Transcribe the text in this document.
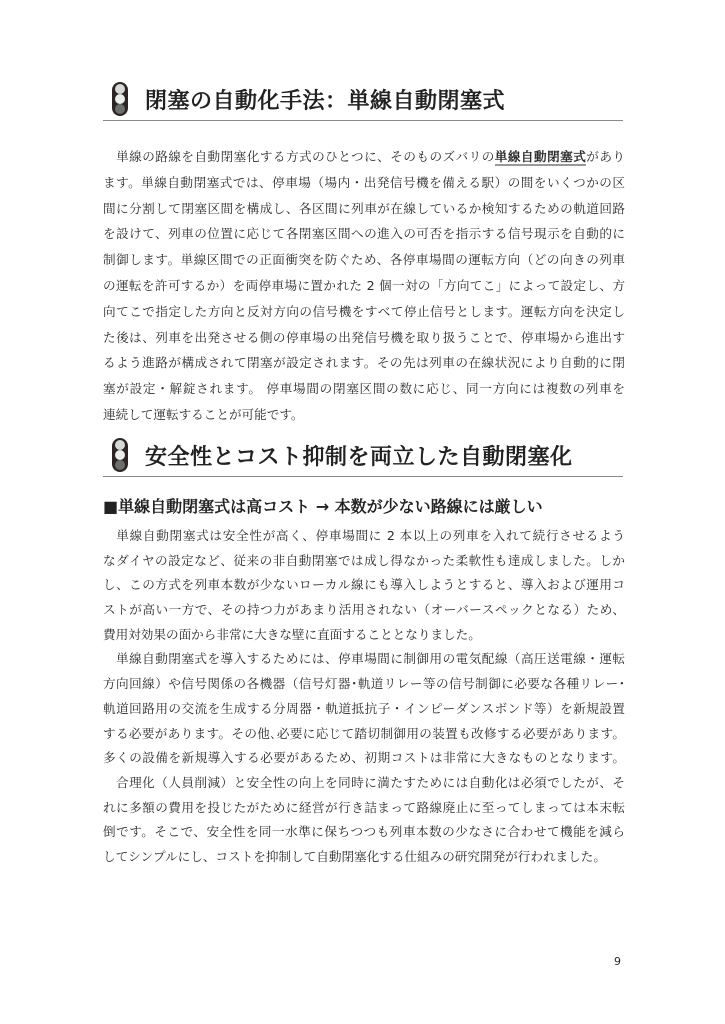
閉塞の自動化手法：単線自動閉塞式
　単線の路線を自動閉塞化する方式のひとつに、そのものズバリの単線自動閉塞式があり
ます。単線自動閉塞式では、停車場（場内・出発信号機を備える駅）の間をいくつかの区
間に分割して閉塞区間を構成し、各区間に列車が在線しているか検知するための軌道回路
を設けて、列車の位置に応じて各閉塞区間への進入の可否を指示する信号現示を自動的に
制御します。単線区間での正面衝突を防ぐため、各停車場間の運転方向（どの向きの列車
の運転を許可するか）を両停車場に置かれた 2 個一対の「方向てこ」によって設定し、方
向てこで指定した方向と反対方向の信号機をすべて停止信号とします。運転方向を決定し
た後は、列車を出発させる側の停車場の出発信号機を取り扱うことで、停車場から進出す
るよう進路が構成されて閉塞が設定されます。その先は列車の在線状況により自動的に閉
塞が設定・解錠されます。 停車場間の閉塞区間の数に応じ、同一方向には複数の列車を
連続して運転することが可能です。
安全性とコスト抑制を両立した自動閉塞化
■単線自動閉塞式は高コスト → 本数が少ない路線には厳しい
　単線自動閉塞式は安全性が高く、停車場間に 2 本以上の列車を入れて続行させるよう
なダイヤの設定など、従来の非自動閉塞では成し得なかった柔軟性も達成しました。しか
し、この方式を列車本数が少ないローカル線にも導入しようとすると、導入および運用コ
ストが高い一方で、その持つ力があまり活用されない（オーバースペックとなる）ため、
費用対効果の面から非常に大きな壁に直面することとなりました。
　単線自動閉塞式を導入するためには、停車場間に制御用の電気配線（高圧送電線・運転
方向回線）や信号関係の各機器（信号灯器･軌道リレー等の信号制御に必要な各種リレー･
軌道回路用の交流を生成する分周器・軌道抵抗子・インピーダンスボンド等）を新規設置
する必要があります。その他､必要に応じて踏切制御用の装置も改修する必要があります。
多くの設備を新規導入する必要があるため、初期コストは非常に大きなものとなります。
　合理化（人員削減）と安全性の向上を同時に満たすためには自動化は必須でしたが、そ
れに多額の費用を投じたがために経営が行き詰まって路線廃止に至ってしまっては本末転
倒です。そこで、安全性を同一水準に保ちつつも列車本数の少なさに合わせて機能を減ら
してシンプルにし、コストを抑制して自動閉塞化する仕組みの研究開発が行われました。
9
